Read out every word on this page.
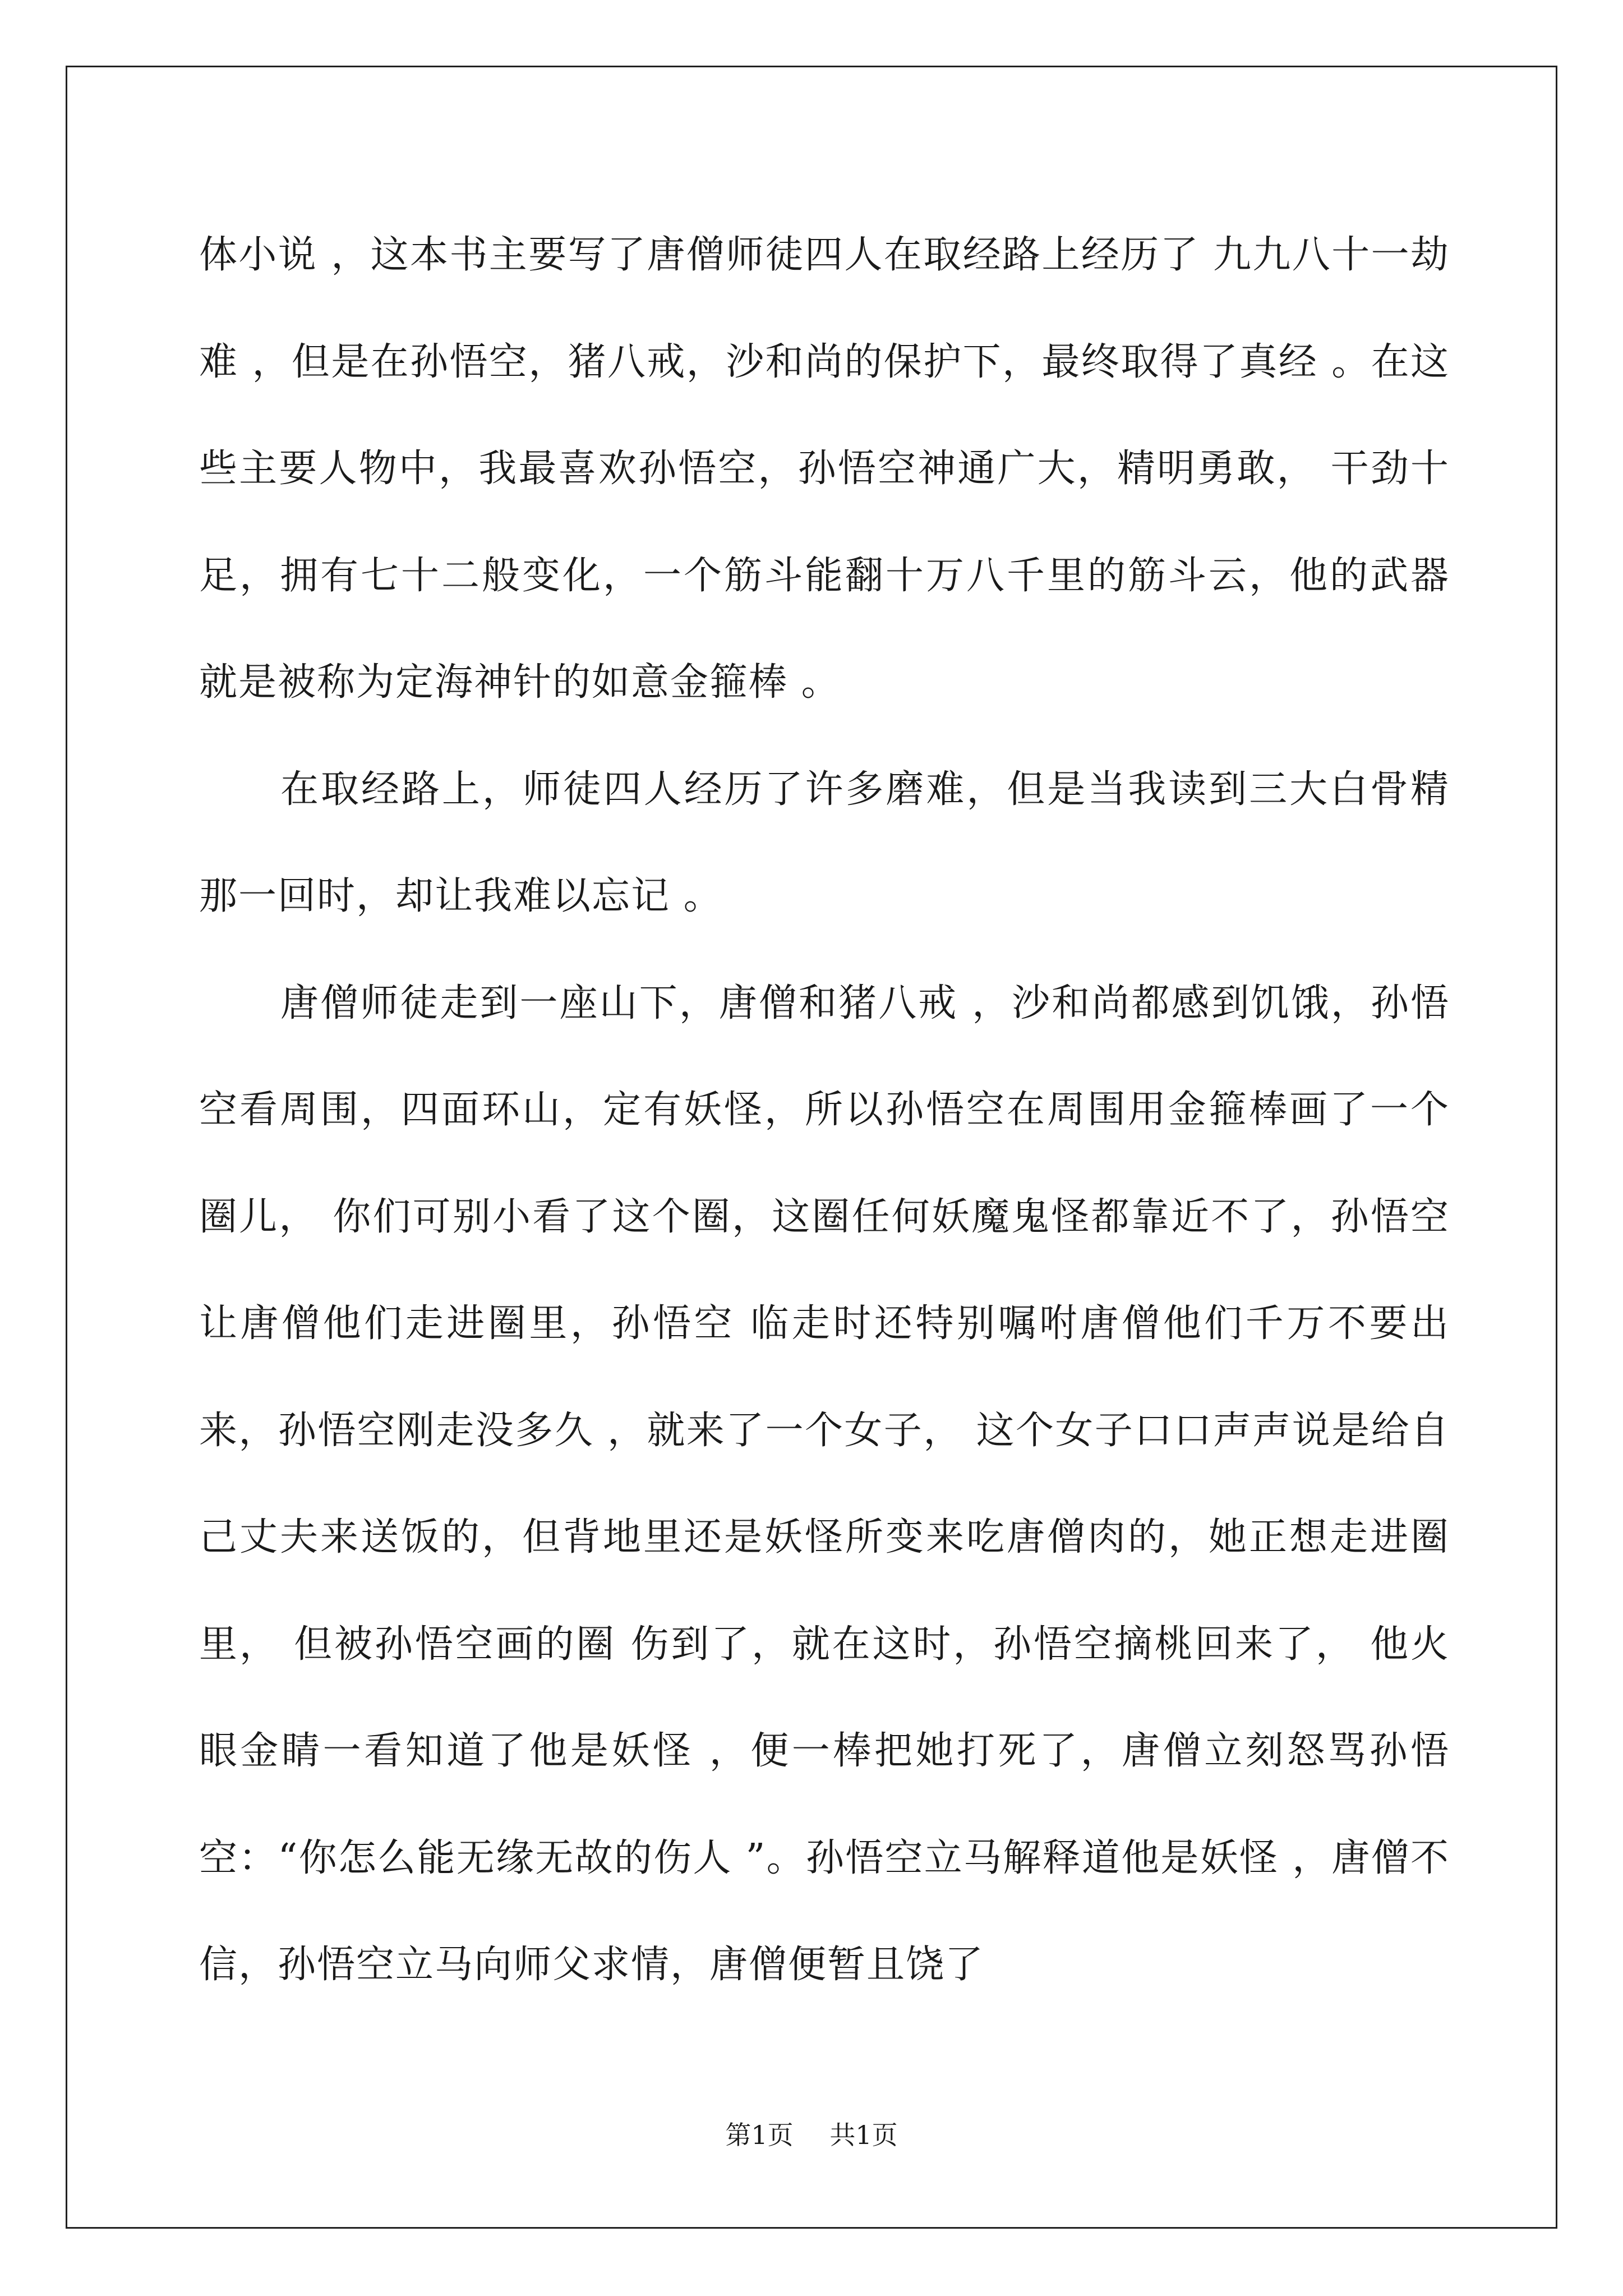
体小说 ，这本书主要写了唐僧师徒四人在取经路上经历了 九九八十一劫难 ，但是在孙悟空，猪八戒，沙和尚的保护下，最终取得了真经 。在这些主要人物中，我最喜欢孙悟空，孙悟空神通广大，精明勇敢， 干劲十足，拥有七十二般变化，一个筋斗能翻十万八千里的筋斗云，他的武器就是被称为定海神针的如意金箍棒 。

在取经路上，师徒四人经历了许多磨难，但是当我读到三大白骨精那一回时，却让我难以忘记 。

唐僧师徒走到一座山下，唐僧和猪八戒 ，沙和尚都感到饥饿，孙悟空看周围，四面环山，定有妖怪，所以孙悟空在周围用金箍棒画了一个圈儿， 你们可别小看了这个圈，这圈任何妖魔鬼怪都靠近不了，孙悟空让唐僧他们走进圈里，孙悟空 临走时还特别嘱咐唐僧他们千万不要出来，孙悟空刚走没多久 ，就来了一个女子， 这个女子口口声声说是给自己丈夫来送饭的，但背地里还是妖怪所变来吃唐僧肉的，她正想走进圈里， 但被孙悟空画的圈 伤到了，就在这时，孙悟空摘桃回来了， 他火眼金睛一看知道了他是妖怪 ，便一棒把她打死了，唐僧立刻怒骂孙悟空：“你怎么能无缘无故的伤人 ”。孙悟空立马解释道他是妖怪 ，唐僧不信，孙悟空立马向师父求情，唐僧便暂且饶了

第1页 共1页
